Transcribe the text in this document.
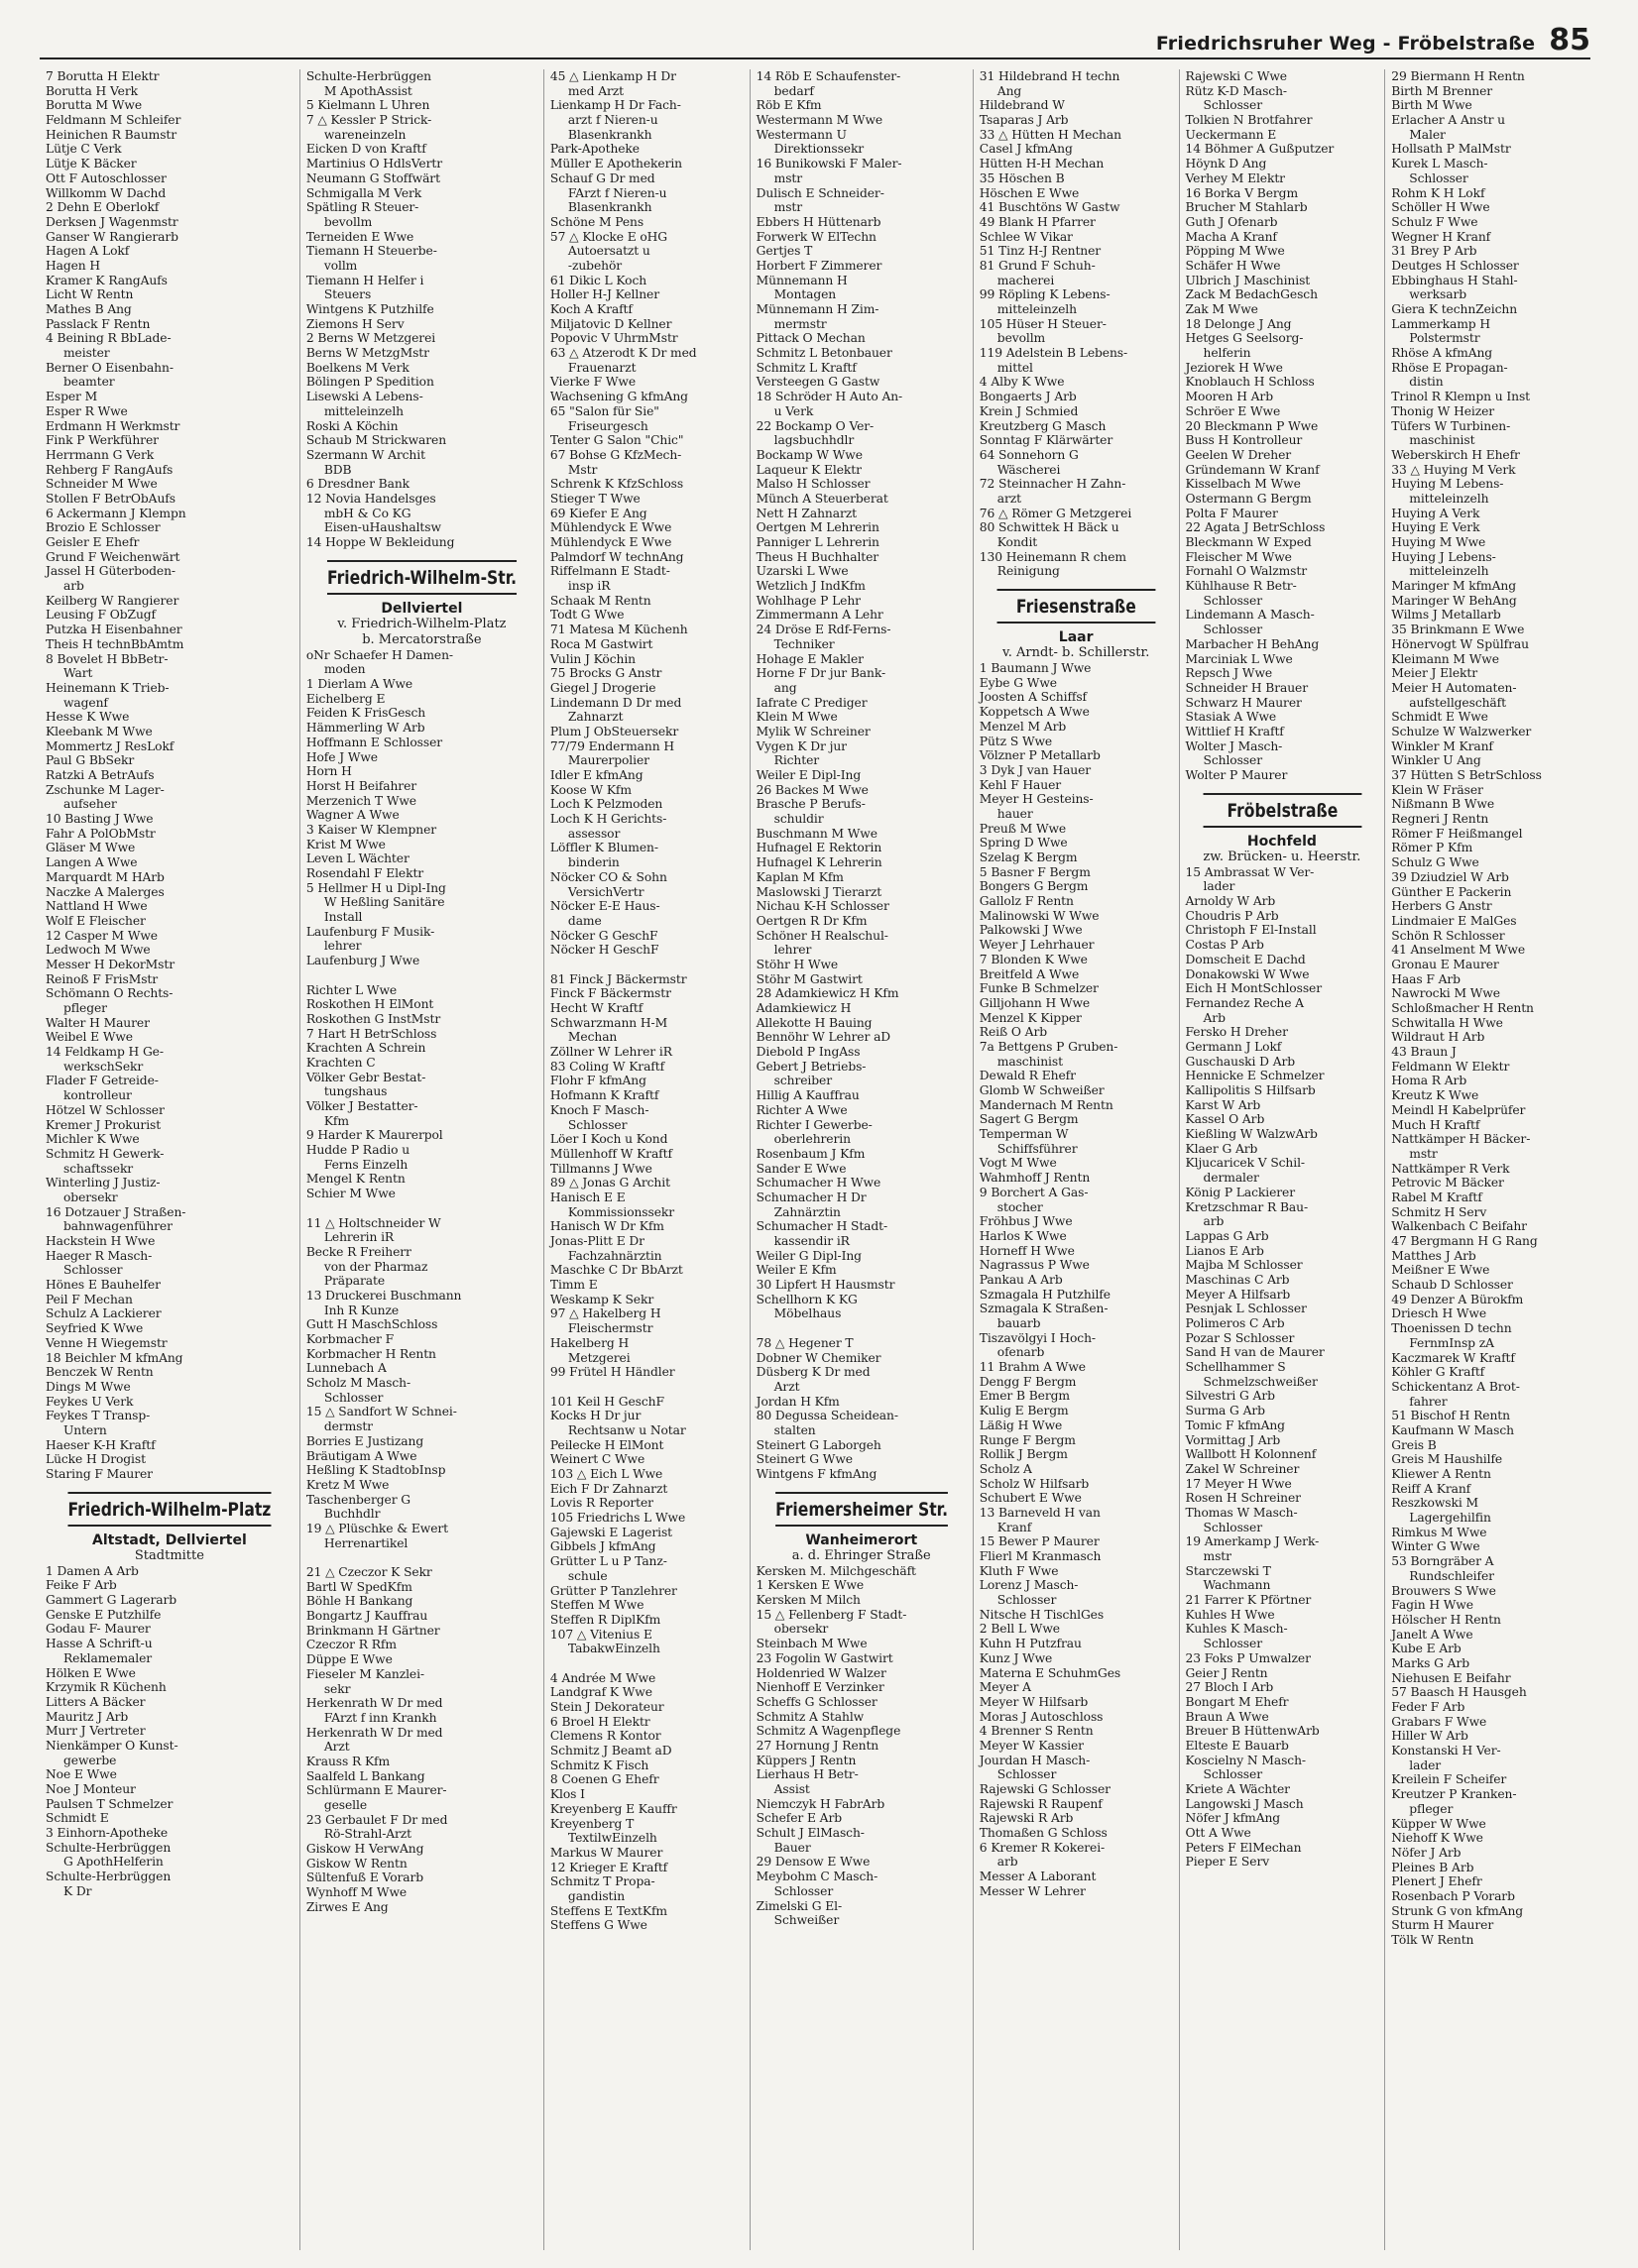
Friedrichsruher Weg - Fröbelstraße 85
7 Borutta H Elektr
Borutta H Verk
Borutta M Wwe
Feldmann M Schleifer
Heinichen R Baumstr
Lütje C Verk
Lütje K Bäcker
Ott F Autoschlosser
Willkomm W Dachd
2 Dehn E Oberlokf
Derksen J Wagenmstr
Ganser W Rangierarb
Hagen A Lokf
Hagen H
Kramer K RangAufs
Licht W Rentn
Mathes B Ang
Passlack F Rentn
4 Beining R BbLade-
meister
Berner O Eisenbahn-
beamter
Esper M
Esper R Wwe
Erdmann H Werkmstr
Fink P Werkführer
Herrmann G Verk
Rehberg F RangAufs
Schneider M Wwe
Stollen F BetrObAufs
6 Ackermann J Klempn
Brozio E Schlosser
Geisler E Ehefr
Grund F Weichenwärt
Jassel H Güterboden-
arb
Keilberg W Rangierer
Leusing F ObZugf
Putzka H Eisenbahner
Theis H technBbAmtm
8 Bovelet H BbBetr-
Wart
Heinemann K Trieb-
wagenf
Hesse K Wwe
Kleebank M Wwe
Mommertz J ResLokf
Paul G BbSekr
Ratzki A BetrAufs
Zschunke M Lager-
aufseher
10 Basting J Wwe
Fahr A PolObMstr
Gläser M Wwe
Langen A Wwe
Marquardt M HArb
Naczke A Malerges
Nattland H Wwe
Wolf E Fleischer
12 Casper M Wwe
Ledwoch M Wwe
Messer H DekorMstr
Reinoß F FrisMstr
Schömann O Rechts-
pfleger
Walter H Maurer
Weibel E Wwe
14 Feldkamp H Ge-
werkschSekr
Flader F Getreide-
kontrolleur
Hötzel W Schlosser
Kremer J Prokurist
Michler K Wwe
Schmitz H Gewerk-
schaftssekr
Winterling J Justiz-
obersekr
16 Dotzauer J Straßen-
bahnwagenführer
Hackstein H Wwe
Haeger R Masch-
Schlosser
Hönes E Bauhelfer
Peil F Mechan
Schulz A Lackierer
Seyfried K Wwe
Venne H Wiegemstr
18 Beichler M kfmAng
Benczek W Rentn
Dings M Wwe
Feykes U Verk
Feykes T Transp-
Untern
Haeser K-H Kraftf
Lücke H Drogist
Staring F Maurer
Friedrich-Wilhelm-Platz
Altstadt, Dellviertel
Stadtmitte
1 Damen A Arb
Feike F Arb
Gammert G Lagerarb
Genske E Putzhilfe
Godau F- Maurer
Hasse A Schrift-u
Reklamemaler
Hölken E Wwe
Krzymik R Küchenh
Litters A Bäcker
Mauritz J Arb
Murr J Vertreter
Nienkämper O Kunst-
gewerbe
Noe E Wwe
Noe J Monteur
Paulsen T Schmelzer
Schmidt E
3 Einhorn-Apotheke
Schulte-Herbrüggen
G ApothHelferin
Schulte-Herbrüggen
K Dr
Schulte-Herbrüggen
M ApothAssist
5 Kielmann L Uhren
7 △ Kessler P Strick-
wareneinzeln
Eicken D von Kraftf
Martinius O HdlsVertr
Neumann G Stoffwärt
Schmigalla M Verk
Spätling R Steuer-
bevollm
Terneiden E Wwe
Tiemann H Steuerbe-
vollm
Tiemann H Helfer i
Steuers
Wintgens K Putzhilfe
Ziemons H Serv
2 Berns W Metzgerei
Berns W MetzgMstr
Boelkens M Verk
Bölingen P Spedition
Lisewski A Lebens-
mitteleinzelh
Roski A Köchin
Schaub M Strickwaren
Szermann W Archit
BDB
6 Dresdner Bank
12 Novia Handelsges
mbH & Co KG
Eisen-uHaushaltsw
14 Hoppe W Bekleidung
Friedrich-Wilhelm-Str.
Dellviertel
v. Friedrich-Wilhelm-Platz
b. Mercatorstraße
oNr Schaefer H Damen-
moden
1 Dierlam A Wwe
Eichelberg E
Feiden K FrisGesch
Hämmerling W Arb
Hoffmann E Schlosser
Hofe J Wwe
Horn H
Horst H Beifahrer
Merzenich T Wwe
Wagner A Wwe
3 Kaiser W Klempner
Krist M Wwe
Leven L Wächter
Rosendahl F Elektr
5 Hellmer H u Dipl-Ing
W Heßling Sanitäre
Install
Laufenburg F Musik-
lehrer
Laufenburg J Wwe
Richter L Wwe
Roskothen H ElMont
Roskothen G InstMstr
7 Hart H BetrSchloss
Krachten A Schrein
Krachten C
Völker Gebr Bestat-
tungshaus
Völker J Bestatter-
Kfm
9 Harder K Maurerpol
Hudde P Radio u
Ferns Einzelh
Mengel K Rentn
Schier M Wwe
11 △ Holtschneider W
Lehrerin iR
Becke R Freiherr
von der Pharmaz
Präparate
13 Druckerei Buschmann
Inh R Kunze
Gutt H MaschSchloss
Korbmacher F
Korbmacher H Rentn
Lunnebach A
Scholz M Masch-
Schlosser
15 △ Sandfort W Schnei-
dermstr
Borries E Justizang
Bräutigam A Wwe
Heßling K StadtobInsp
Kretz M Wwe
Taschenberger G
Buchhdlr
19 △ Plüschke & Ewert
Herrenartikel
21 △ Czeczor K Sekr
Bartl W SpedKfm
Böhle H Bankang
Bongartz J Kauffrau
Brinkmann H Gärtner
Czeczor R Rfm
Düppe E Wwe
Fieseler M Kanzlei-
sekr
Herkenrath W Dr med
FArzt f inn Krankh
Herkenrath W Dr med
Arzt
Krauss R Kfm
Saalfeld L Bankang
Schlürmann E Maurer-
geselle
23 Gerbaulet F Dr med
Rö-Strahl-Arzt
Giskow H VerwAng
Giskow W Rentn
Sültenfuß E Vorarb
Wynhoff M Wwe
Zirwes E Ang
45 △ Lienkamp H Dr
med Arzt
Lienkamp H Dr Fach-
arzt f Nieren-u
Blasenkrankh
Park-Apotheke
Müller E Apothekerin
Schauf G Dr med
FArzt f Nieren-u
Blasenkrankh
Schöne M Pens
57 △ Klocke E oHG
Autoersatzt u
-zubehör
61 Dikic L Koch
Holler H-J Kellner
Koch A Kraftf
Miljatovic D Kellner
Popovic V UhrmMstr
63 △ Atzerodt K Dr med
Frauenarzt
Vierke F Wwe
Wachsening G kfmAng
65 "Salon für Sie"
Friseurgesch
Tenter G Salon "Chic"
67 Bohse G KfzMech-
Mstr
Schrenk K KfzSchloss
Stieger T Wwe
69 Kiefer E Ang
Mühlendyck E Wwe
Mühlendyck E Wwe
Palmdorf W technAng
Riffelmann E Stadt-
insp iR
Schaak M Rentn
Todt G Wwe
71 Matesa M Küchenh
Roca M Gastwirt
Vulin J Köchin
75 Brocks G Anstr
Giegel J Drogerie
Lindemann D Dr med
Zahnarzt
Plum J ObSteuersekr
77/79 Endermann H
Maurerpolier
Idler E kfmAng
Koose W Kfm
Loch K Pelzmoden
Loch K H Gerichts-
assessor
Löffler K Blumen-
binderin
Nöcker CO & Sohn
VersichVertr
Nöcker E-E Haus-
dame
Nöcker G GeschF
Nöcker H GeschF
81 Finck J Bäckermstr
Finck F Bäckermstr
Hecht W Kraftf
Schwarzmann H-M
Mechan
Zöllner W Lehrer iR
83 Coling W Kraftf
Flohr F kfmAng
Hofmann K Kraftf
Knoch F Masch-
Schlosser
Löer I Koch u Kond
Müllenhoff W Kraftf
Tillmanns J Wwe
89 △ Jonas G Archit
Hanisch E E
Kommissionssekr
Hanisch W Dr Kfm
Jonas-Plitt E Dr
Fachzahnärztin
Maschke C Dr BbArzt
Timm E
Weskamp K Sekr
97 △ Hakelberg H
Fleischermstr
Hakelberg H
Metzgerei
99 Frütel H Händler
101 Keil H GeschF
Kocks H Dr jur
Rechtsanw u Notar
Peilecke H ElMont
Weinert C Wwe
103 △ Eich L Wwe
Eich F Dr Zahnarzt
Lovis R Reporter
105 Friedrichs L Wwe
Gajewski E Lagerist
Gibbels J kfmAng
Grütter L u P Tanz-
schule
Grütter P Tanzlehrer
Steffen M Wwe
Steffen R DiplKfm
107 △ Vitenius E
TabakwEinzelh
4 Andrée M Wwe
Landgraf K Wwe
Stein J Dekorateur
6 Broel H Elektr
Clemens R Kontor
Schmitz J Beamt aD
Schmitz K Fisch
8 Coenen G Ehefr
Klos I
Kreyenberg E Kauffr
Kreyenberg T
TextilwEinzelh
Markus W Maurer
12 Krieger E Kraftf
Schmitz T Propa-
gandistin
Steffens E TextKfm
Steffens G Wwe
14 Röb E Schaufenster-
bedarf
Röb E Kfm
Westermann M Wwe
Westermann U
Direktionssekr
16 Bunikowski F Maler-
mstr
Dulisch E Schneider-
mstr
Ebbers H Hüttenarb
Forwerk W ElTechn
Gertjes T
Horbert F Zimmerer
Münnemann H
Montagen
Münnemann H Zim-
mermstr
Pittack O Mechan
Schmitz L Betonbauer
Schmitz L Kraftf
Versteegen G Gastw
18 Schröder H Auto An-
u Verk
22 Bockamp O Ver-
lagsbuchhdlr
Bockamp W Wwe
Laqueur K Elektr
Malso H Schlosser
Münch A Steuerberat
Nett H Zahnarzt
Oertgen M Lehrerin
Panniger L Lehrerin
Theus H Buchhalter
Uzarski L Wwe
Wetzlich J IndKfm
Wohlhage P Lehr
Zimmermann A Lehr
24 Dröse E Rdf-Ferns-
Techniker
Hohage E Makler
Horne F Dr jur Bank-
ang
Iafrate C Prediger
Klein M Wwe
Mylik W Schreiner
Vygen K Dr jur
Richter
Weiler E Dipl-Ing
26 Backes M Wwe
Brasche P Berufs-
schuldir
Buschmann M Wwe
Hufnagel E Rektorin
Hufnagel K Lehrerin
Kaplan M Kfm
Maslowski J Tierarzt
Nichau K-H Schlosser
Oertgen R Dr Kfm
Schöner H Realschul-
lehrer
Stöhr H Wwe
Stöhr M Gastwirt
28 Adamkiewicz H Kfm
Adamkiewicz H
Allekotte H Bauing
Bennöhr W Lehrer aD
Diebold P IngAss
Gebert J Betriebs-
schreiber
Hillig A Kauffrau
Richter A Wwe
Richter I Gewerbe-
oberlehrerin
Rosenbaum J Kfm
Sander E Wwe
Schumacher H Wwe
Schumacher H Dr
Zahnärztin
Schumacher H Stadt-
kassendir iR
Weiler G Dipl-Ing
Weiler E Kfm
30 Lipfert H Hausmstr
Schellhorn K KG
Möbelhaus
78 △ Hegener T
Dobner W Chemiker
Düsberg K Dr med
Arzt
Jordan H Kfm
80 Degussa Scheidean-
stalten
Steinert G Laborgeh
Steinert G Wwe
Wintgens F kfmAng
Friemersheimer Str.
Wanheimerort
a. d. Ehringer Straße
Kersken M. Milchgeschäft
1 Kersken E Wwe
Kersken M Milch
15 △ Fellenberg F Stadt-
obersekr
Steinbach M Wwe
23 Fogolin W Gastwirt
Holdenried W Walzer
Nienhoff E Verzinker
Scheffs G Schlosser
Schmitz A Stahlw
Schmitz A Wagenpflege
27 Hornung J Rentn
Küppers J Rentn
Lierhaus H Betr-
Assist
Niemczyk H FabrArb
Schefer E Arb
Schult J ElMasch-
Bauer
29 Densow E Wwe
Meybohm C Masch-
Schlosser
Zimelski G El-
Schweißer
31 Hildebrand H techn
Ang
Hildebrand W
Tsaparas J Arb
33 △ Hütten H Mechan
Casel J kfmAng
Hütten H-H Mechan
35 Höschen B
Höschen E Wwe
41 Buschtöns W Gastw
49 Blank H Pfarrer
Schlee W Vikar
51 Tinz H-J Rentner
81 Grund F Schuh-
macherei
99 Röpling K Lebens-
mitteleinzelh
105 Hüser H Steuer-
bevollm
119 Adelstein B Lebens-
mittel
4 Alby K Wwe
Bongaerts J Arb
Krein J Schmied
Kreutzberg G Masch
Sonntag F Klärwärter
64 Sonnehorn G
Wäscherei
72 Steinnacher H Zahn-
arzt
76 △ Römer G Metzgerei
80 Schwittek H Bäck u
Kondit
130 Heinemann R chem
Reinigung
Friesenstraße
Laar
v. Arndt- b. Schillerstr.
1 Baumann J Wwe
Eybe G Wwe
Joosten A Schiffsf
Koppetsch A Wwe
Menzel M Arb
Pütz S Wwe
Völzner P Metallarb
3 Dyk J van Hauer
Kehl F Hauer
Meyer H Gesteins-
hauer
Preuß M Wwe
Spring D Wwe
Szelag K Bergm
5 Basner F Bergm
Bongers G Bergm
Gallolz F Rentn
Malinowski W Wwe
Palkowski J Wwe
Weyer J Lehrhauer
7 Blonden K Wwe
Breitfeld A Wwe
Funke B Schmelzer
Gilljohann H Wwe
Menzel K Kipper
Reiß O Arb
7a Bettgens P Gruben-
maschinist
Dewald R Ehefr
Glomb W Schweißer
Mandernach M Rentn
Sagert G Bergm
Temperman W
Schiffsführer
Vogt M Wwe
Wahmhoff J Rentn
9 Borchert A Gas-
stocher
Fröhbus J Wwe
Harlos K Wwe
Horneff H Wwe
Nagrassus P Wwe
Pankau A Arb
Szmagala H Putzhilfe
Szmagala K Straßen-
bauarb
Tiszavölgyi I Hoch-
ofenarb
11 Brahm A Wwe
Dengg F Bergm
Emer B Bergm
Kulig E Bergm
Läßig H Wwe
Runge F Bergm
Rollik J Bergm
Scholz A
Scholz W Hilfsarb
Schubert E Wwe
13 Barneveld H van
Kranf
15 Bewer P Maurer
Flierl M Kranmasch
Kluth F Wwe
Lorenz J Masch-
Schlosser
Nitsche H TischlGes
2 Bell L Wwe
Kuhn H Putzfrau
Kunz J Wwe
Materna E SchuhmGes
Meyer A
Meyer W Hilfsarb
Moras J Autoschloss
4 Brenner S Rentn
Meyer W Kassier
Jourdan H Masch-
Schlosser
Rajewski G Schlosser
Rajewski R Raupenf
Rajewski R Arb
Thomaßen G Schloss
6 Kremer R Kokerei-
arb
Messer A Laborant
Messer W Lehrer
Rajewski C Wwe
Rütz K-D Masch-
Schlosser
Tolkien N Brotfahrer
Ueckermann E
14 Böhmer A Gußputzer
Höynk D Ang
Verhey M Elektr
16 Borka V Bergm
Brucher M Stahlarb
Guth J Ofenarb
Macha A Kranf
Pöpping M Wwe
Schäfer H Wwe
Ulbrich J Maschinist
Zack M BedachGesch
Zak M Wwe
18 Delonge J Ang
Hetges G Seelsorg-
helferin
Jeziorek H Wwe
Knoblauch H Schloss
Mooren H Arb
Schröer E Wwe
20 Bleckmann P Wwe
Buss H Kontrolleur
Geelen W Dreher
Gründemann W Kranf
Kisselbach M Wwe
Ostermann G Bergm
Polta F Maurer
22 Agata J BetrSchloss
Bleckmann W Exped
Fleischer M Wwe
Fornahl O Walzmstr
Kühlhause R Betr-
Schlosser
Lindemann A Masch-
Schlosser
Marbacher H BehAng
Marciniak L Wwe
Repsch J Wwe
Schneider H Brauer
Schwarz H Maurer
Stasiak A Wwe
Wittlief H Kraftf
Wolter J Masch-
Schlosser
Wolter P Maurer
Fröbelstraße
Hochfeld
zw. Brücken- u. Heerstr.
15 Ambrassat W Ver-
lader
Arnoldy W Arb
Choudris P Arb
Christoph F El-Install
Costas P Arb
Domscheit E Dachd
Donakowski W Wwe
Eich H MontSchlosser
Fernandez Reche A
Arb
Fersko H Dreher
Germann J Lokf
Guschauski D Arb
Hennicke E Schmelzer
Kallipolitis S Hilfsarb
Karst W Arb
Kassel O Arb
Kießling W WalzwArb
Klaer G Arb
Kljucaricek V Schil-
dermaler
König P Lackierer
Kretzschmar R Bau-
arb
Lappas G Arb
Lianos E Arb
Majba M Schlosser
Maschinas C Arb
Meyer A Hilfsarb
Pesnjak L Schlosser
Polimeros C Arb
Pozar S Schlosser
Sand H van de Maurer
Schellhammer S
Schmelzschweißer
Silvestri G Arb
Surma G Arb
Tomic F kfmAng
Vormittag J Arb
Wallbott H Kolonnenf
Zakel W Schreiner
17 Meyer H Wwe
Rosen H Schreiner
Thomas W Masch-
Schlosser
19 Amerkamp J Werk-
mstr
Starczewski T
Wachmann
21 Farrer K Pförtner
Kuhles H Wwe
Kuhles K Masch-
Schlosser
23 Foks P Umwalzer
Geier J Rentn
27 Bloch I Arb
Bongart M Ehefr
Braun A Wwe
Breuer B HüttenwArb
Elteste E Bauarb
Koscielny N Masch-
Schlosser
Kriete A Wächter
Langowski J Masch
Nöfer J kfmAng
Ott A Wwe
Peters F ElMechan
Pieper E Serv
29 Biermann H Rentn
Birth M Brenner
Birth M Wwe
Erlacher A Anstr u
Maler
Hollsath P MalMstr
Kurek L Masch-
Schlosser
Rohm K H Lokf
Schöller H Wwe
Schulz F Wwe
Wegner H Kranf
31 Brey P Arb
Deutges H Schlosser
Ebbinghaus H Stahl-
werksarb
Giera K technZeichn
Lammerkamp H
Polstermstr
Rhöse A kfmAng
Rhöse E Propagan-
distin
Trinol R Klempn u Inst
Thonig W Heizer
Tüfers W Turbinen-
maschinist
Weberskirch H Ehefr
33 △ Huying M Verk
Huying M Lebens-
mitteleinzelh
Huying A Verk
Huying E Verk
Huying M Wwe
Huying J Lebens-
mitteleinzelh
Maringer M kfmAng
Maringer W BehAng
Wilms J Metallarb
35 Brinkmann E Wwe
Hönervogt W Spülfrau
Kleimann M Wwe
Meier J Elektr
Meier H Automaten-
aufstellgeschäft
Schmidt E Wwe
Schulze W Walzwerker
Winkler M Kranf
Winkler U Ang
37 Hütten S BetrSchloss
Klein W Fräser
Nißmann B Wwe
Regneri J Rentn
Römer F Heißmangel
Römer P Kfm
Schulz G Wwe
39 Dziudziel W Arb
Günther E Packerin
Herbers G Anstr
Lindmaier E MalGes
Schön R Schlosser
41 Anselment M Wwe
Gronau E Maurer
Haas F Arb
Nawrocki M Wwe
Schloßmacher H Rentn
Schwitalla H Wwe
Wildraut H Arb
43 Braun J
Feldmann W Elektr
Homa R Arb
Kreutz K Wwe
Meindl H Kabelprüfer
Much H Kraftf
Nattkämper H Bäcker-
mstr
Nattkämper R Verk
Petrovic M Bäcker
Rabel M Kraftf
Schmitz H Serv
Walkenbach C Beifahr
47 Bergmann H G Rang
Matthes J Arb
Meißner E Wwe
Schaub D Schlosser
49 Denzer A Bürokfm
Driesch H Wwe
Thoenissen D techn
FernmInsp zA
Kaczmarek W Kraftf
Köhler G Kraftf
Schickentanz A Brot-
fahrer
51 Bischof H Rentn
Kaufmann W Masch
Greis B
Greis M Haushilfe
Kliewer A Rentn
Reiff A Kranf
Reszkowski M
Lagergehilfin
Rimkus M Wwe
Winter G Wwe
53 Borngräber A
Rundschleifer
Brouwers S Wwe
Fagin H Wwe
Hölscher H Rentn
Janelt A Wwe
Kube E Arb
Marks G Arb
Niehusen E Beifahr
57 Baasch H Hausgeh
Feder F Arb
Grabars F Wwe
Hiller W Arb
Konstanski H Ver-
lader
Kreilein F Scheifer
Kreutzer P Kranken-
pfleger
Küpper W Wwe
Niehoff K Wwe
Nöfer J Arb
Pleines B Arb
Plenert J Ehefr
Rosenbach P Vorarb
Strunk G von kfmAng
Sturm H Maurer
Tölk W Rentn
